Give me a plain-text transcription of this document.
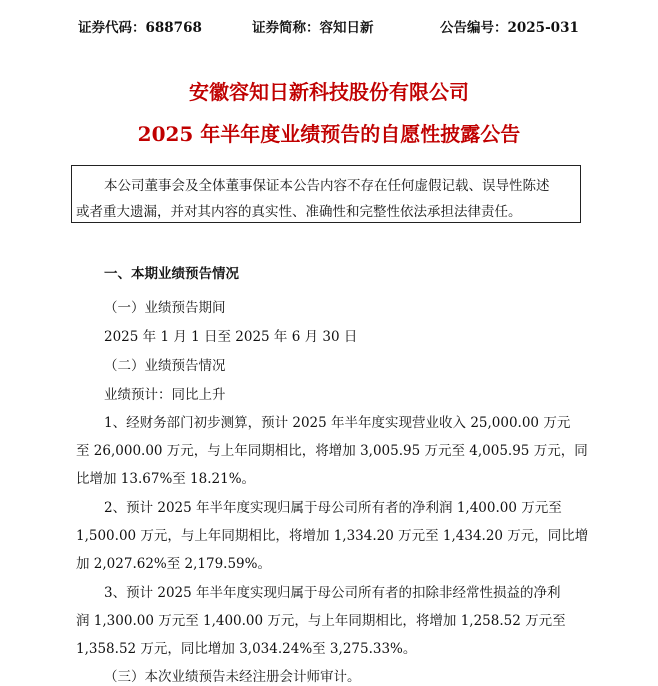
证券代码：688768	证券简称：容知日新	公告编号：2025-031
安徽容知日新科技股份有限公司
2025 年半年度业绩预告的自愿性披露公告
本公司董事会及全体董事保证本公告内容不存在任何虚假记载、误导性陈述
或者重大遗漏，并对其内容的真实性、准确性和完整性依法承担法律责任。
一、本期业绩预告情况
（一）业绩预告期间
2025 年 1 月 1 日至 2025 年 6 月 30 日
（二）业绩预告情况
业绩预计：同比上升
1、经财务部门初步测算，预计 2025 年半年度实现营业收入 25,000.00 万元
至 26,000.00 万元，与上年同期相比，将增加 3,005.95 万元至 4,005.95 万元，同
比增加 13.67%至 18.21%。
2、预计 2025 年半年度实现归属于母公司所有者的净利润 1,400.00 万元至
1,500.00 万元，与上年同期相比，将增加 1,334.20 万元至 1,434.20 万元，同比增
加 2,027.62%至 2,179.59%。
3、预计 2025 年半年度实现归属于母公司所有者的扣除非经常性损益的净利
润 1,300.00 万元至 1,400.00 万元，与上年同期相比，将增加 1,258.52 万元至
1,358.52 万元，同比增加 3,034.24%至 3,275.33%。
（三）本次业绩预告未经注册会计师审计。
